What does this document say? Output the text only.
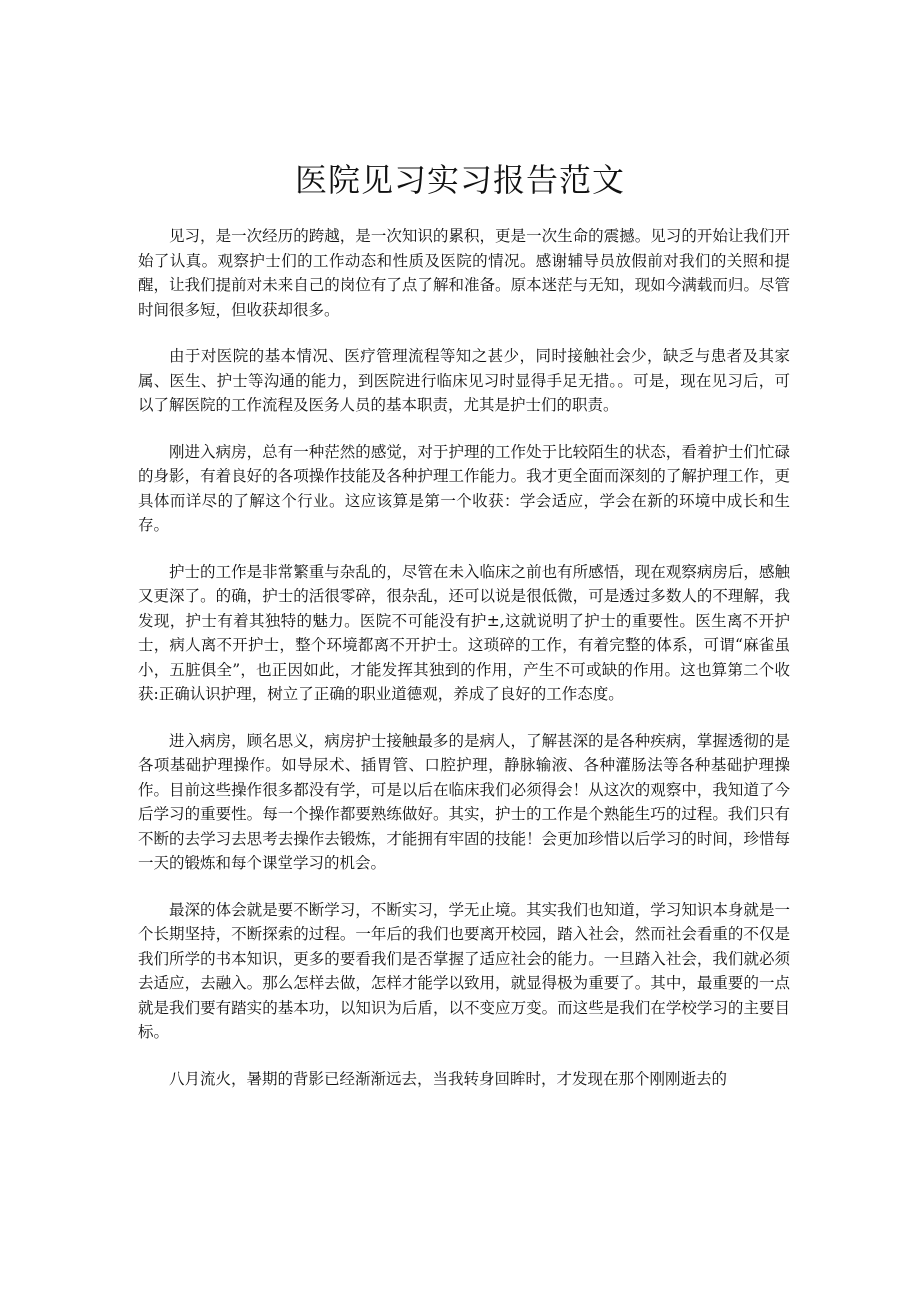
医院见习实习报告范文

见习，是一次经历的跨越，是一次知识的累积，更是一次生命的震撼。见习的开始让我们开始了认真。观察护士们的工作动态和性质及医院的情况。感谢辅导员放假前对我们的关照和提醒，让我们提前对未来自己的岗位有了点了解和准备。原本迷茫与无知，现如今满载而归。尽管时间很多短，但收获却很多。

由于对医院的基本情况、医疗管理流程等知之甚少，同时接触社会少，缺乏与患者及其家属、医生、护士等沟通的能力，到医院进行临床见习时显得手足无措。。可是，现在见习后，可以了解医院的工作流程及医务人员的基本职责，尤其是护士们的职责。

刚进入病房，总有一种茫然的感觉，对于护理的工作处于比较陌生的状态，看着护士们忙碌的身影，有着良好的各项操作技能及各种护理工作能力。我才更全面而深刻的了解护理工作，更具体而详尽的了解这个行业。这应该算是第一个收获：学会适应，学会在新的环境中成长和生存。

护士的工作是非常繁重与杂乱的，尽管在未入临床之前也有所感悟，现在观察病房后，感触又更深了。的确，护士的活很零碎，很杂乱，还可以说是很低微，可是透过多数人的不理解，我发现，护士有着其独特的魅力。医院不可能没有护±,这就说明了护士的重要性。医生离不开护士，病人离不开护士，整个环境都离不开护士。这琐碎的工作，有着完整的体系，可谓“麻雀虽小，五脏俱全”，也正因如此，才能发挥其独到的作用，产生不可或缺的作用。这也算第二个收获:正确认识护理，树立了正确的职业道德观，养成了良好的工作态度。

进入病房，顾名思义，病房护士接触最多的是病人，了解甚深的是各种疾病，掌握透彻的是各项基础护理操作。如导尿术、插胃管、口腔护理，静脉输液、各种灌肠法等各种基础护理操作。目前这些操作很多都没有学，可是以后在临床我们必须得会！从这次的观察中，我知道了今后学习的重要性。每一个操作都要熟练做好。其实，护士的工作是个熟能生巧的过程。我们只有不断的去学习去思考去操作去锻炼，才能拥有牢固的技能！会更加珍惜以后学习的时间，珍惜每一天的锻炼和每个课堂学习的机会。

最深的体会就是要不断学习，不断实习，学无止境。其实我们也知道，学习知识本身就是一个长期坚持，不断探索的过程。一年后的我们也要离开校园，踏入社会，然而社会看重的不仅是我们所学的书本知识，更多的要看我们是否掌握了适应社会的能力。一旦踏入社会，我们就必须去适应，去融入。那么怎样去做，怎样才能学以致用，就显得极为重要了。其中，最重要的一点就是我们要有踏实的基本功，以知识为后盾，以不变应万变。而这些是我们在学校学习的主要目标。

八月流火，暑期的背影已经渐渐远去，当我转身回眸时，才发现在那个刚刚逝去的
